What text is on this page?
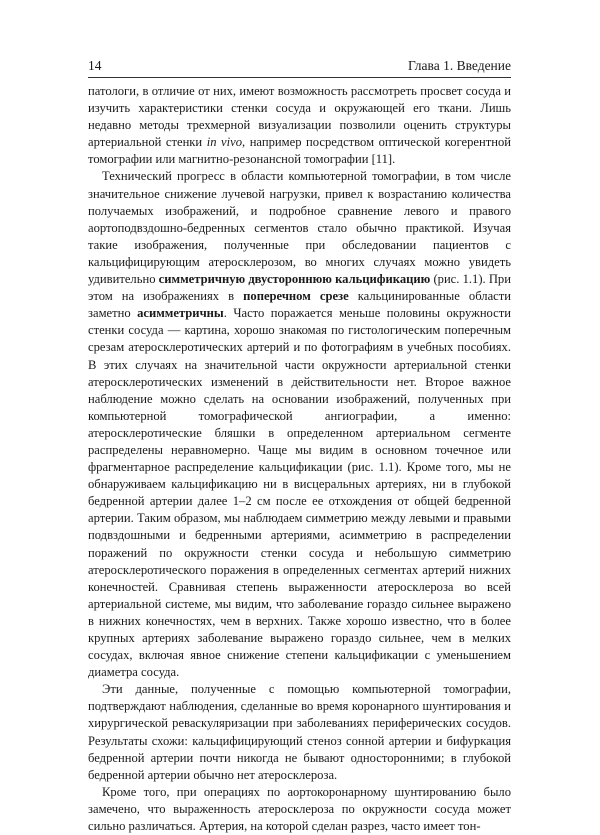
14	Глава 1. Введение

патологи, в отличие от них, имеют возможность рассмотреть просвет сосуда и изучить характеристики стенки сосуда и окружающей его ткани. Лишь недавно методы трехмерной визуализации позволили оценить структуры артериальной стенки in vivo, например посредством оптической когерентной томографии или магнитно-резонансной томографии [11].

Технический прогресс в области компьютерной томографии, в том числе значительное снижение лучевой нагрузки, привел к возрастанию количества получаемых изображений, и подробное сравнение левого и правого аортоподвздошно-бедренных сегментов стало обычно практикой. Изучая такие изображения, полученные при обследовании пациентов с кальцифицирующим атеросклерозом, во многих случаях можно увидеть удивительно симметричную двустороннюю кальцификацию (рис. 1.1). При этом на изображениях в поперечном срезе кальцинированные области заметно асимметричны. Часто поражается меньше половины окружности стенки сосуда — картина, хорошо знакомая по гистологическим поперечным срезам атеросклеротических артерий и по фотографиям в учебных пособиях. В этих случаях на значительной части окружности артериальной стенки атеросклеротических изменений в действительности нет. Второе важное наблюдение можно сделать на основании изображений, полученных при компьютерной томографической ангиографии, а именно: атеросклеротические бляшки в определенном артериальном сегменте распределены неравномерно. Чаще мы видим в основном точечное или фрагментарное распределение кальцификации (рис. 1.1). Кроме того, мы не обнаруживаем кальцификацию ни в висцеральных артериях, ни в глубокой бедренной артерии далее 1–2 см после ее отхождения от общей бедренной артерии. Таким образом, мы наблюдаем симметрию между левыми и правыми подвздошными и бедренными артериями, асимметрию в распределении поражений по окружности стенки сосуда и небольшую симметрию атеросклеротического поражения в определенных сегментах артерий нижних конечностей. Сравнивая степень выраженности атеросклероза во всей артериальной системе, мы видим, что заболевание гораздо сильнее выражено в нижних конечностях, чем в верхних. Также хорошо известно, что в более крупных артериях заболевание выражено гораздо сильнее, чем в мелких сосудах, включая явное снижение степени кальцификации с уменьшением диаметра сосуда.

Эти данные, полученные с помощью компьютерной томографии, подтверждают наблюдения, сделанные во время коронарного шунтирования и хирургической реваскуляризации при заболеваниях периферических сосудов. Результаты схожи: кальцифицирующий стеноз сонной артерии и бифуркация бедренной артерии почти никогда не бывают односторонними; в глубокой бедренной артерии обычно нет атеросклероза.

Кроме того, при операциях по аортокоронарному шунтированию было замечено, что выраженность атеросклероза по окружности сосуда может сильно различаться. Артерия, на которой сделан разрез, часто имеет тон-
